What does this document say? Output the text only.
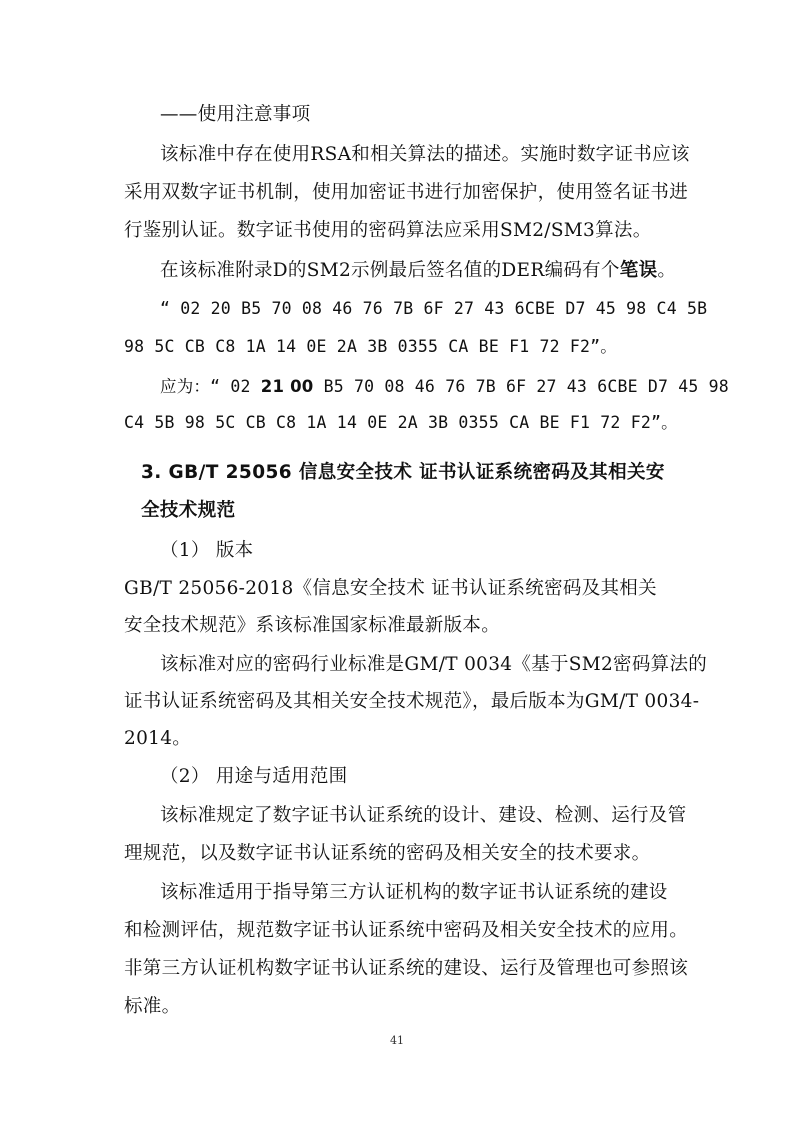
——使用注意事项
该标准中存在使用RSA和相关算法的描述。实施时数字证书应该
采用双数字证书机制，使用加密证书进行加密保护，使用签名证书进
行鉴别认证。数字证书使用的密码算法应采用SM2/SM3算法。
在该标准附录D的SM2示例最后签名值的DER编码有个笔误。
“ 02 20 B5 70 08 46 76 7B 6F 27 43 6CBE D7 45 98 C4 5B
98 5C CB C8 1A 14 0E 2A 3B 0355 CA BE F1 72 F2”。
应为：“ 02 21 00 B5 70 08 46 76 7B 6F 27 43 6CBE D7 45 98
C4 5B 98 5C CB C8 1A 14 0E 2A 3B 0355 CA BE F1 72 F2”。
3. GB/T 25056 信息安全技术 证书认证系统密码及其相关安
全技术规范
（1） 版本
GB/T 25056-2018《信息安全技术 证书认证系统密码及其相关
安全技术规范》系该标准国家标准最新版本。
该标准对应的密码行业标准是GM/T 0034《基于SM2密码算法的
证书认证系统密码及其相关安全技术规范》，最后版本为GM/T 0034-
2014。
（2） 用途与适用范围
该标准规定了数字证书认证系统的设计、建设、检测、运行及管
理规范，以及数字证书认证系统的密码及相关安全的技术要求。
该标准适用于指导第三方认证机构的数字证书认证系统的建设
和检测评估，规范数字证书认证系统中密码及相关安全技术的应用。
非第三方认证机构数字证书认证系统的建设、运行及管理也可参照该
标准。
41
